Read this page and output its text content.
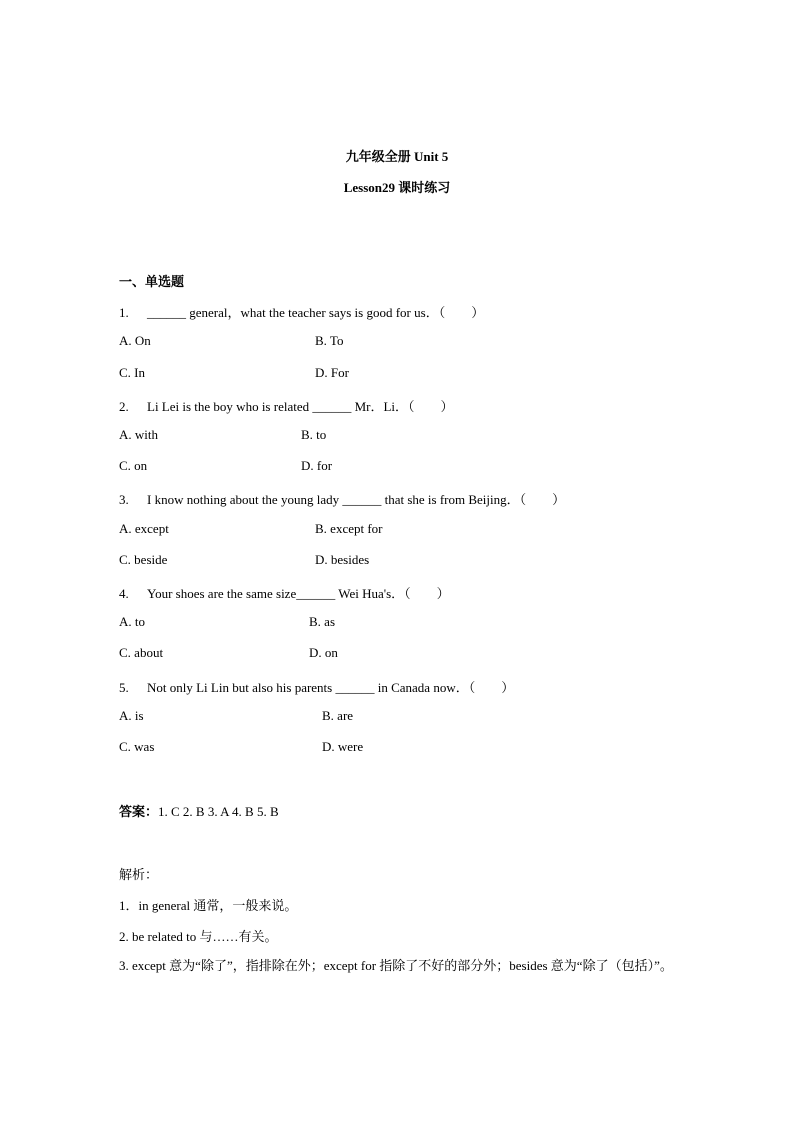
九年级全册 Unit 5
Lesson29 课时练习
一、单选题
1. ______ general，what the teacher says is good for us．（　　）
A. On	B. To
C. In	D. For
2. Li Lei is the boy who is related ______ Mr．Li．（　　）
A. with	B. to
C. on	D. for
3. I know nothing about the young lady ______ that she is from Beijing．（　　）
A. except	B. except for
C. beside	D. besides
4. Your shoes are the same size______ Wei Hua's．（　　）
A. to	B. as
C. about	D. on
5. Not only Li Lin but also his parents ______ in Canada now．（　　）
A. is	B. are
C. was	D. were
答案：1. C 2. B 3. A 4. B 5. B
解析：
1．in general 通常，一般来说。
2. be related to 与……有关。
3. except 意为“除了”，指排除在外；except for 指除了不好的部分外；besides 意为“除了（包括）”。
